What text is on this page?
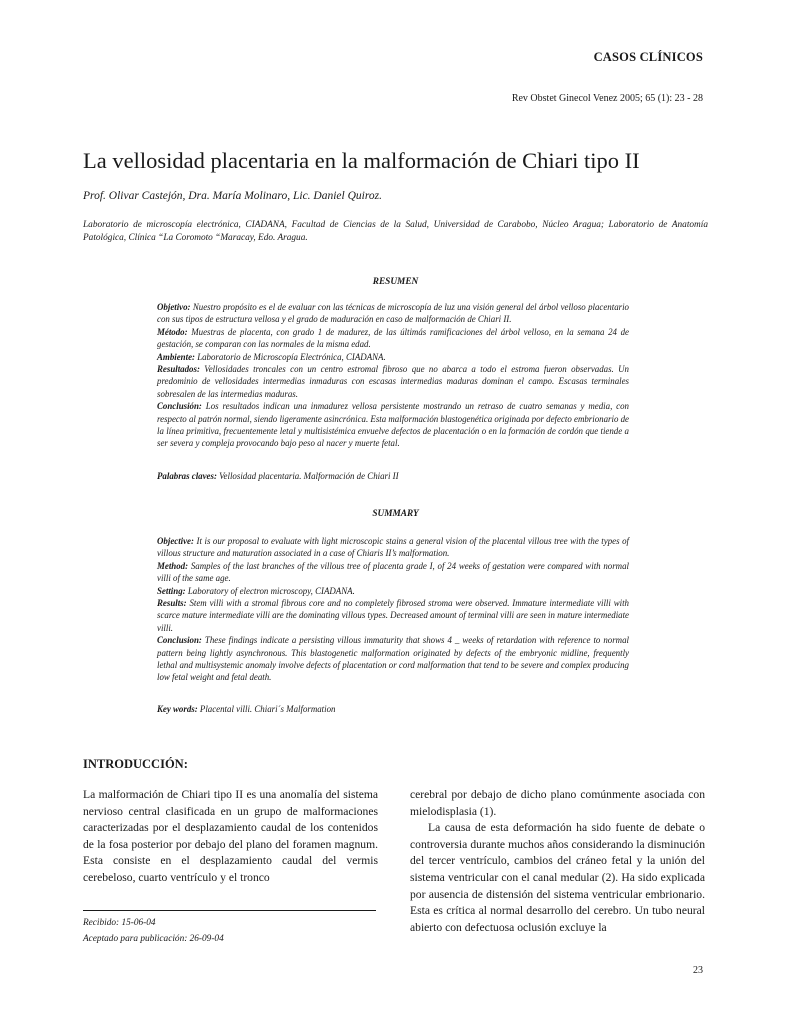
CASOS CLÍNICOS
Rev Obstet Ginecol Venez 2005; 65 (1): 23 - 28
La vellosidad placentaria en la malformación de Chiari tipo II
Prof. Olivar Castejón, Dra. María Molinaro, Lic. Daniel Quiroz.
Laboratorio de microscopía electrónica, CIADANA, Facultad de Ciencias de la Salud, Universidad de Carabobo, Núcleo Aragua; Laboratorio de Anatomía Patológica, Clínica “La Coromoto “Maracay, Edo. Aragua.
RESUMEN

Objetivo: Nuestro propósito es el de evaluar con las técnicas de microscopía de luz una visión general del árbol velloso placentario con sus tipos de estructura vellosa y el grado de maduración en caso de malformación de Chiari II.

Método: Muestras de placenta, con grado 1 de madurez, de las últimás ramificaciones del árbol velloso, en la semana 24 de gestación, se comparan con las normales de la misma edad.

Ambiente: Laboratorio de Microscopía Electrónica, CIADANA.

Resultados: Vellosidades troncales con un centro estromal fibroso que no abarca a todo el estroma fueron observadas. Un predominio de vellosidades intermedias inmaduras con escasas intermedias maduras dominan el campo. Escasas terminales sobresalen de las intermedias maduras.

Conclusión: Los resultados indican una inmadurez vellosa persistente mostrando un retraso de cuatro semanas y media, con respecto al patrón normal, siendo ligeramente asincrónica. Esta malformación blastogenética originada por defecto embrionario de la línea primitiva, frecuentemente letal y multisistémica envuelve defectos de placentación o en la formación de cordón que tiende a ser severa y compleja provocando bajo peso al nacer y muerte fetal.

Palabras claves: Vellosidad placentaria. Malformación de Chiari II

SUMMARY

Objective: It is our proposal to evaluate with light microscopic stains a general vision of the placental villous tree with the types of villous structure and maturation associated in a case of Chiaris II’s malformation.

Method: Samples of the last branches of the villous tree of placenta grade I, of 24 weeks of gestation were compared with normal villi of the same age.

Setting: Laboratory of electron microscopy, CIADANA.

Results: Stem villi with a stromal fibrous core and no completely fibrosed stroma were observed. Immature intermediate villi with scarce mature intermediate villi are the dominating villous types. Decreased amount of terminal villi are seen in mature intermediate villi.

Conclusion: These findings indicate a persisting villous immaturity that shows 4 _ weeks of retardation with reference to normal pattern being lightly asynchronous. This blastogenetic malformation originated by defects of the embryonic midline, frequently lethal and multisystemic anomaly involve defects of placentation or cord malformation that tend to be severe and complex producing low fetal weight and fetal death.

Key words: Placental villi. Chiari´s Malformation

INTRODUCCIÓN:

La malformación de Chiari tipo II es una anomalía del sistema nervioso central clasificada en un grupo de malformaciones caracterizadas por el desplazamiento caudal de los contenidos de la fosa posterior por debajo del plano del foramen magnum. Esta consiste en el desplazamiento caudal del vermis cerebeloso, cuarto ventrículo y el tronco

cerebral por debajo de dicho plano comúnmente asociada con mielodisplasia (1).

La causa de esta deformación ha sido fuente de debate o controversia durante muchos años considerando la disminución del tercer ventrículo, cambios del cráneo fetal y la unión del sistema ventricular con el canal medular (2). Ha sido explicada por ausencia de distensión del sistema ventricular embrionario. Esta es crítica al normal desarrollo del cerebro. Un tubo neural abierto con defectuosa oclusión excluye la

Recibido: 15-06-04
Aceptado para publicación: 26-09-04
23
